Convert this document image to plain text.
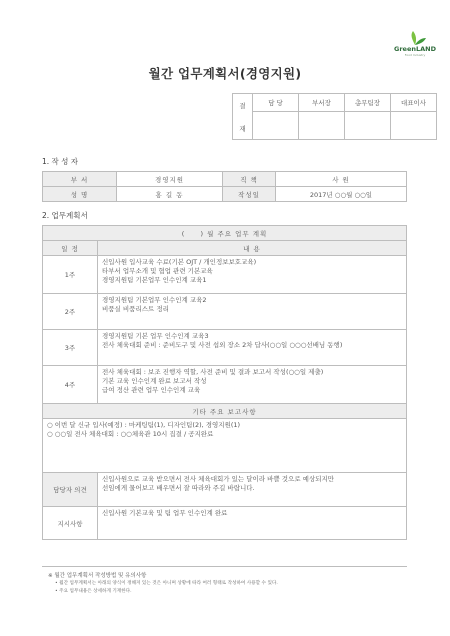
GreenLAND
Food Industry
월간 업무계획서(경영지원)
결
재	담 당	부서장	총무팀장	대표이사

1. 작 성 자
부 서	경영지원	직 책	사 원
성 명	홍 길 동	작성일	2017년 ○○월 ○○일
2. 업무계획서
(     ) 월 주요 업무 계획	
일 정	내 용
1주	신입사원 입사교육 수료(기본 OJT / 개인정보보호교육)
타부서 업무소개 및 협업 관련 기본교육
경영지원팀 기본업무 인수인계 교육1

2주	경영지원팀 기본업무 인수인계 교육2
비품실 비품리스트 정리

3주	경영지원팀 기본 업무 인수인계 교육3
전사 체육대회 준비 : 준비도구 및 사전 섭외 장소 2차 답사(○○일 ○○○선배님 동행)

4주	전사 체육대회 : 보조 진행자 역할, 사전 준비 및 결과 보고서 작성(○○일 제출)
기본 교육 인수인계 완료 보고서 작성
급여 정산 관련 업무 인수인계 교육

기타 주요 보고사항	

○ 이번 달 신규 입사(예정) : 마케팅팀(1), 디자인팀(2), 경영지원(1)
○ ○○일 전사 체육대회 : ○○체육관 10시 집결 / 공지완료	

담당자 의견	신입사원으로 교육 받으면서 전사 체육대회가 있는 달이라 바쁠 것으로 예상되지만
선임에게 물어보고 배우면서 잘 따라와 주길 바랍니다.

지시사항	신입사원 기본교육 및 팀 업무 인수인계 완료
※ 월간 업무계획서 작성방법 및 유의사항
• 월간 업무계획서는 아래의 양식이 정해져 있는 것은 아니며 상황에 따라 여러 형태로 작성하여 사용할 수 있다.
• 주요 업무내용은 상세하게 기재한다.
